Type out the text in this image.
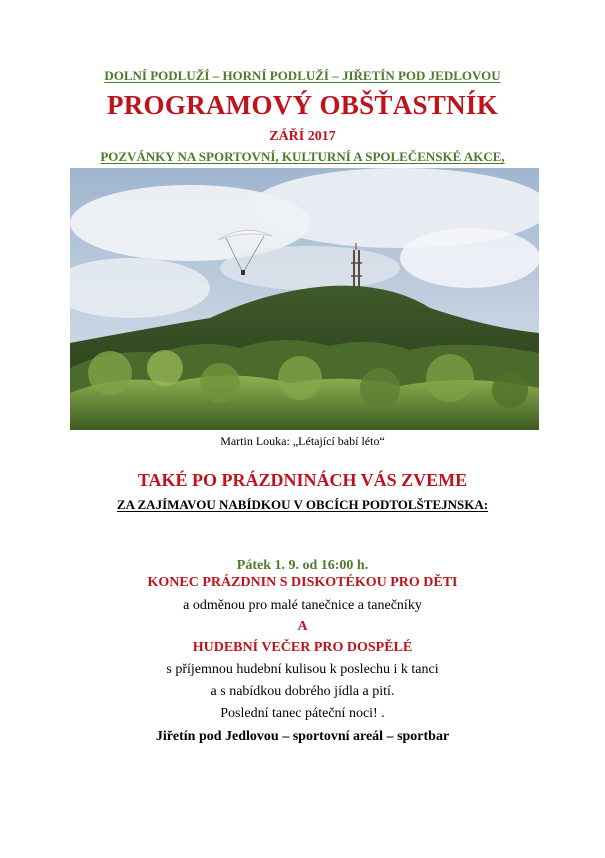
DOLNÍ PODLUŽÍ – HORNÍ PODLUŽÍ – JIŘETÍN POD JEDLOVOU
PROGRAMOVÝ OBŠŤASTNÍK
ZÁŘÍ 2017
POZVÁNKY NA SPORTOVNÍ, KULTURNÍ A SPOLEČENSKÉ AKCE,
Martin Louka: „Létající babí léto“
TAKÉ PO PRÁZDNINÁCH VÁS ZVEME
ZA ZAJÍMAVOU NABÍDKOU V OBCÍCH PODTOLŠTEJNSKA:
Pátek 1. 9. od 16:00 h.
KONEC PRÁZDNIN S DISKOTÉKOU PRO DĚTI
a odměnou pro malé tanečnice a tanečníky
A
HUDEBNÍ VEČER PRO DOSPĚLÉ
s příjemnou hudební kulisou k poslechu i k tanci
a s nabídkou dobrého jídla a pití.
Poslední tanec páteční noci! .
Jiřetín pod Jedlovou – sportovní areál – sportbar
